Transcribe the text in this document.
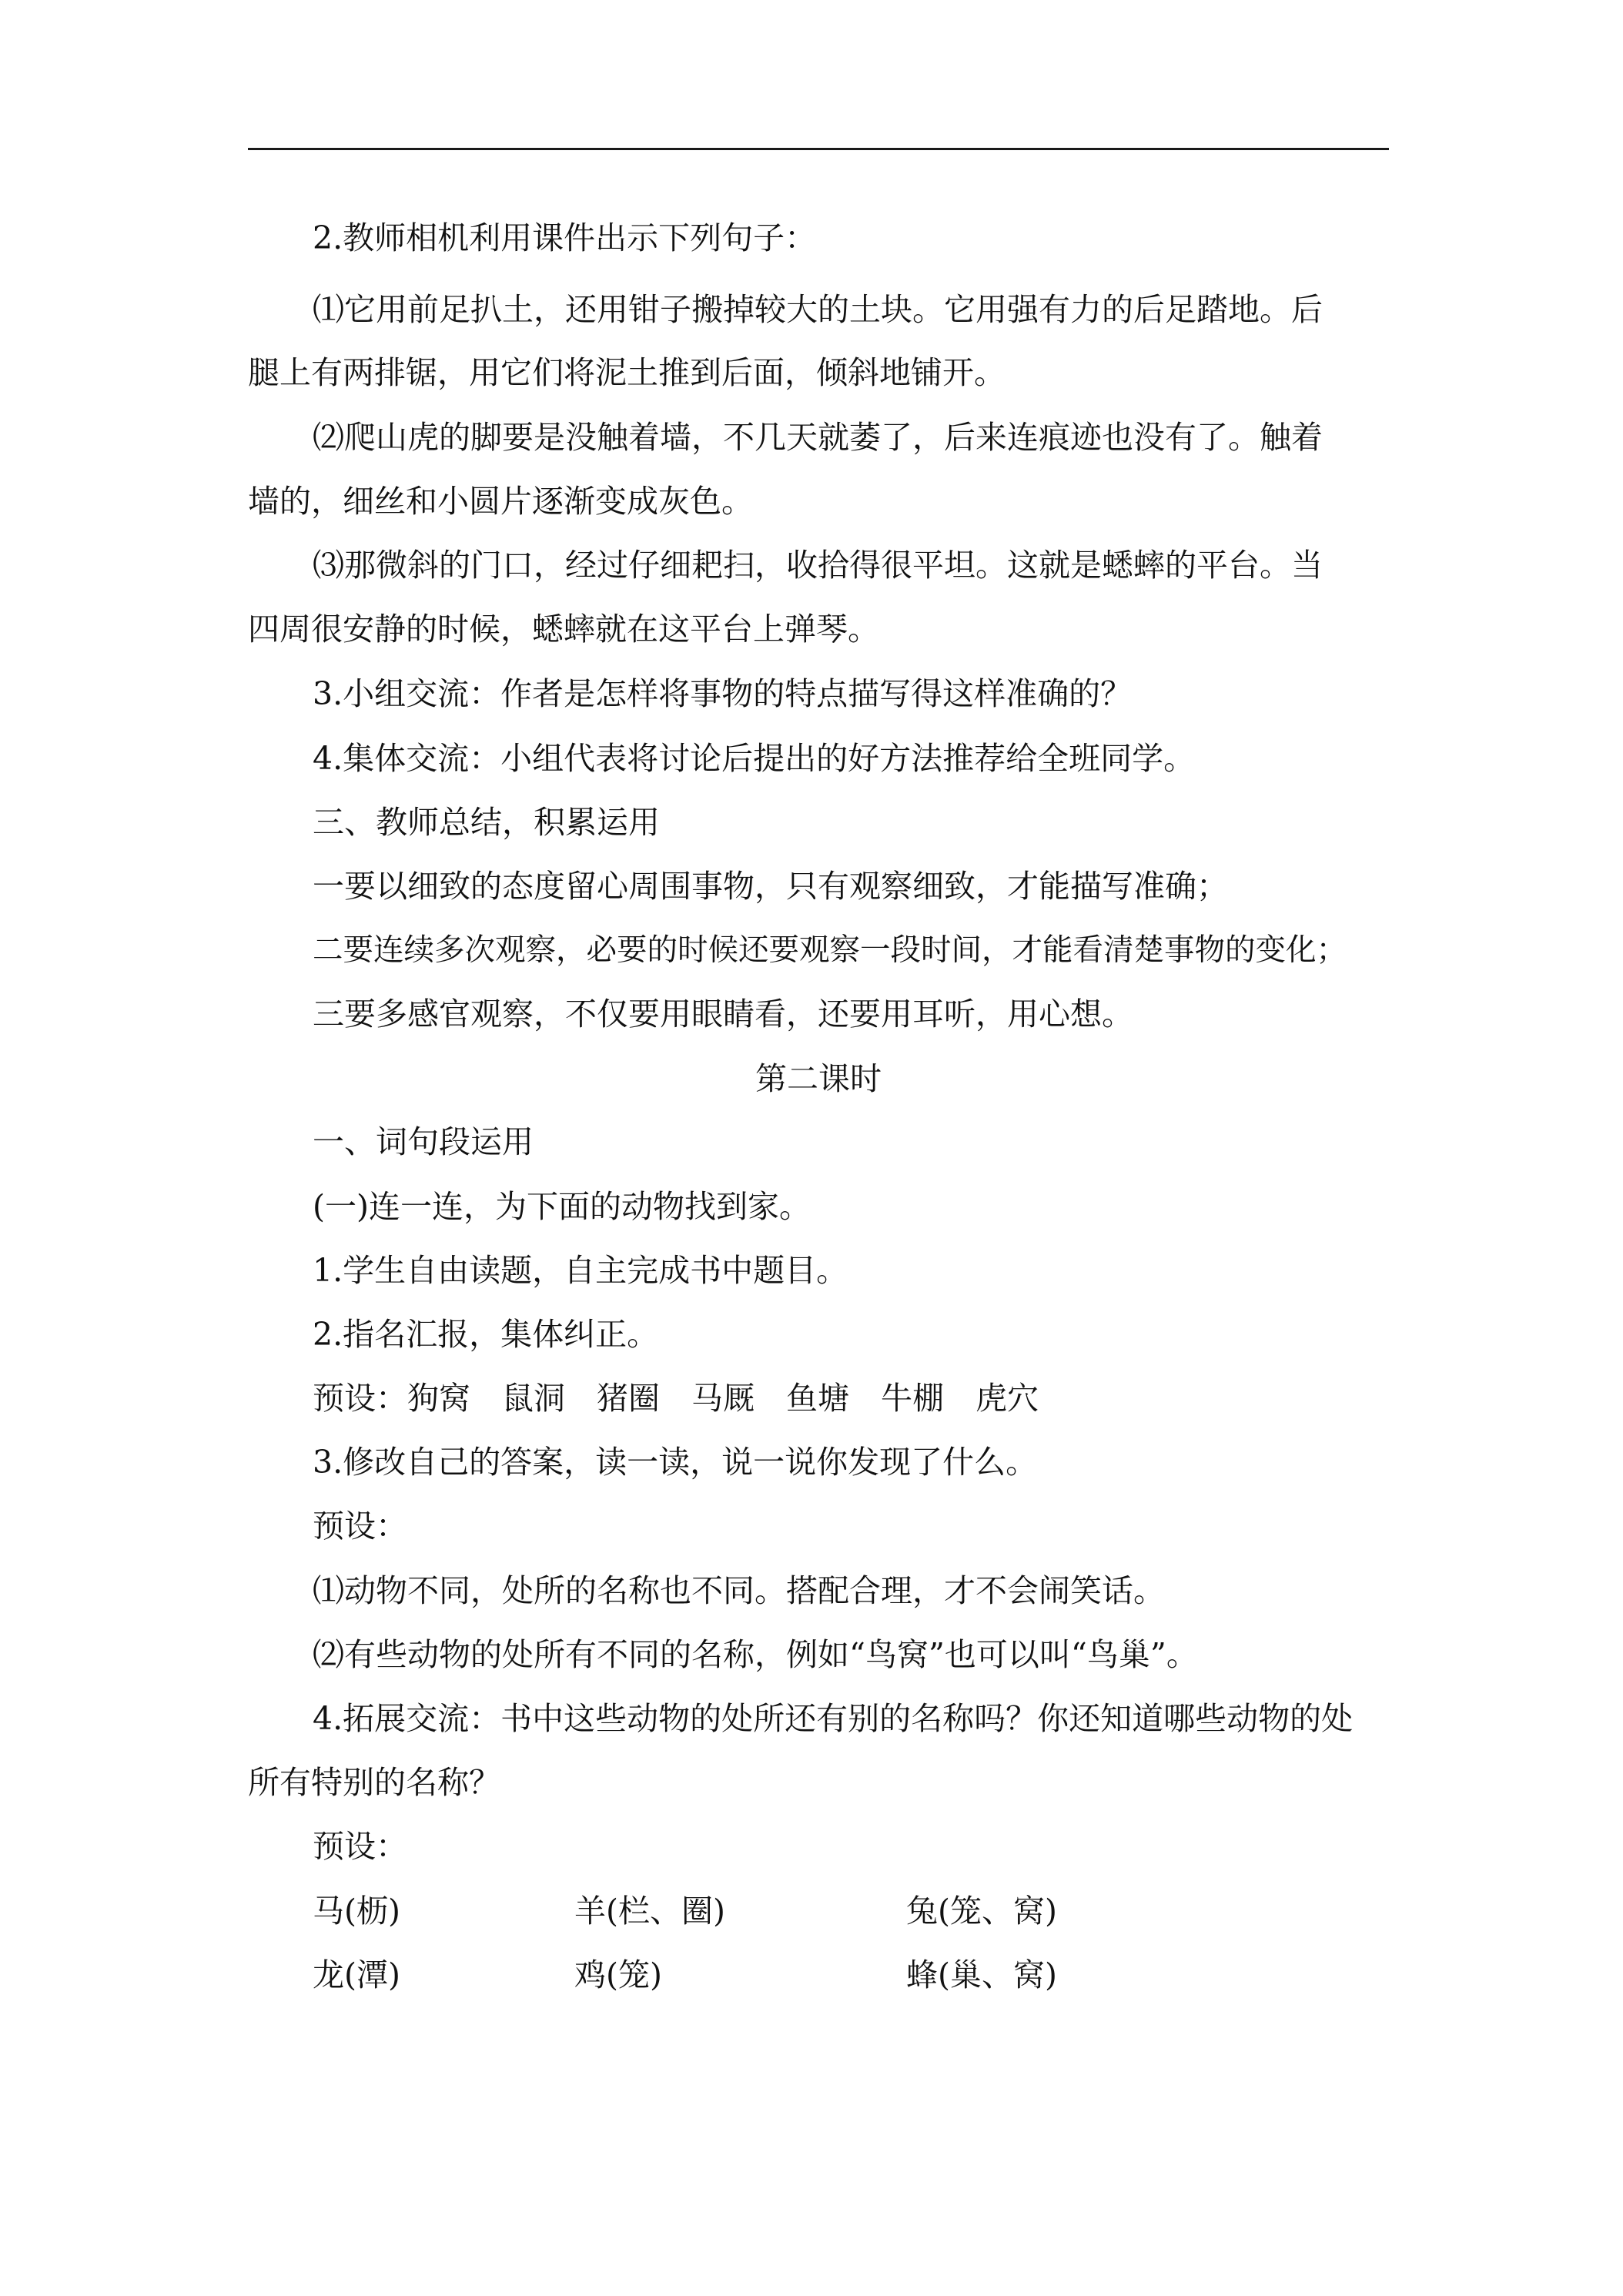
2.教师相机利用课件出示下列句子：
⑴它用前足扒土，还用钳子搬掉较大的土块。它用强有力的后足踏地。后
腿上有两排锯，用它们将泥土推到后面，倾斜地铺开。
⑵爬山虎的脚要是没触着墙，不几天就萎了，后来连痕迹也没有了。触着
墙的，细丝和小圆片逐渐变成灰色。
⑶那微斜的门口，经过仔细耙扫，收拾得很平坦。这就是蟋蟀的平台。当
四周很安静的时候，蟋蟀就在这平台上弹琴。
3.小组交流：作者是怎样将事物的特点描写得这样准确的？
4.集体交流：小组代表将讨论后提出的好方法推荐给全班同学。
三、教师总结，积累运用
一要以细致的态度留心周围事物，只有观察细致，才能描写准确；
二要连续多次观察，必要的时候还要观察一段时间，才能看清楚事物的变化；
三要多感官观察，不仅要用眼睛看，还要用耳听，用心想。
第二课时
一、词句段运用
(一)连一连，为下面的动物找到家。
1.学生自由读题，自主完成书中题目。
2.指名汇报，集体纠正。
预设：狗窝　鼠洞　猪圈　马厩　鱼塘　牛棚　虎穴
3.修改自己的答案，读一读，说一说你发现了什么。
预设：
⑴动物不同，处所的名称也不同。搭配合理，才不会闹笑话。
⑵有些动物的处所有不同的名称，例如“鸟窝”也可以叫“鸟巢”。
4.拓展交流：书中这些动物的处所还有别的名称吗？你还知道哪些动物的处
所有特别的名称？
预设：
马(枥)	羊(栏、圈)	兔(笼、窝)
龙(潭)	鸡(笼)	蜂(巢、窝)
